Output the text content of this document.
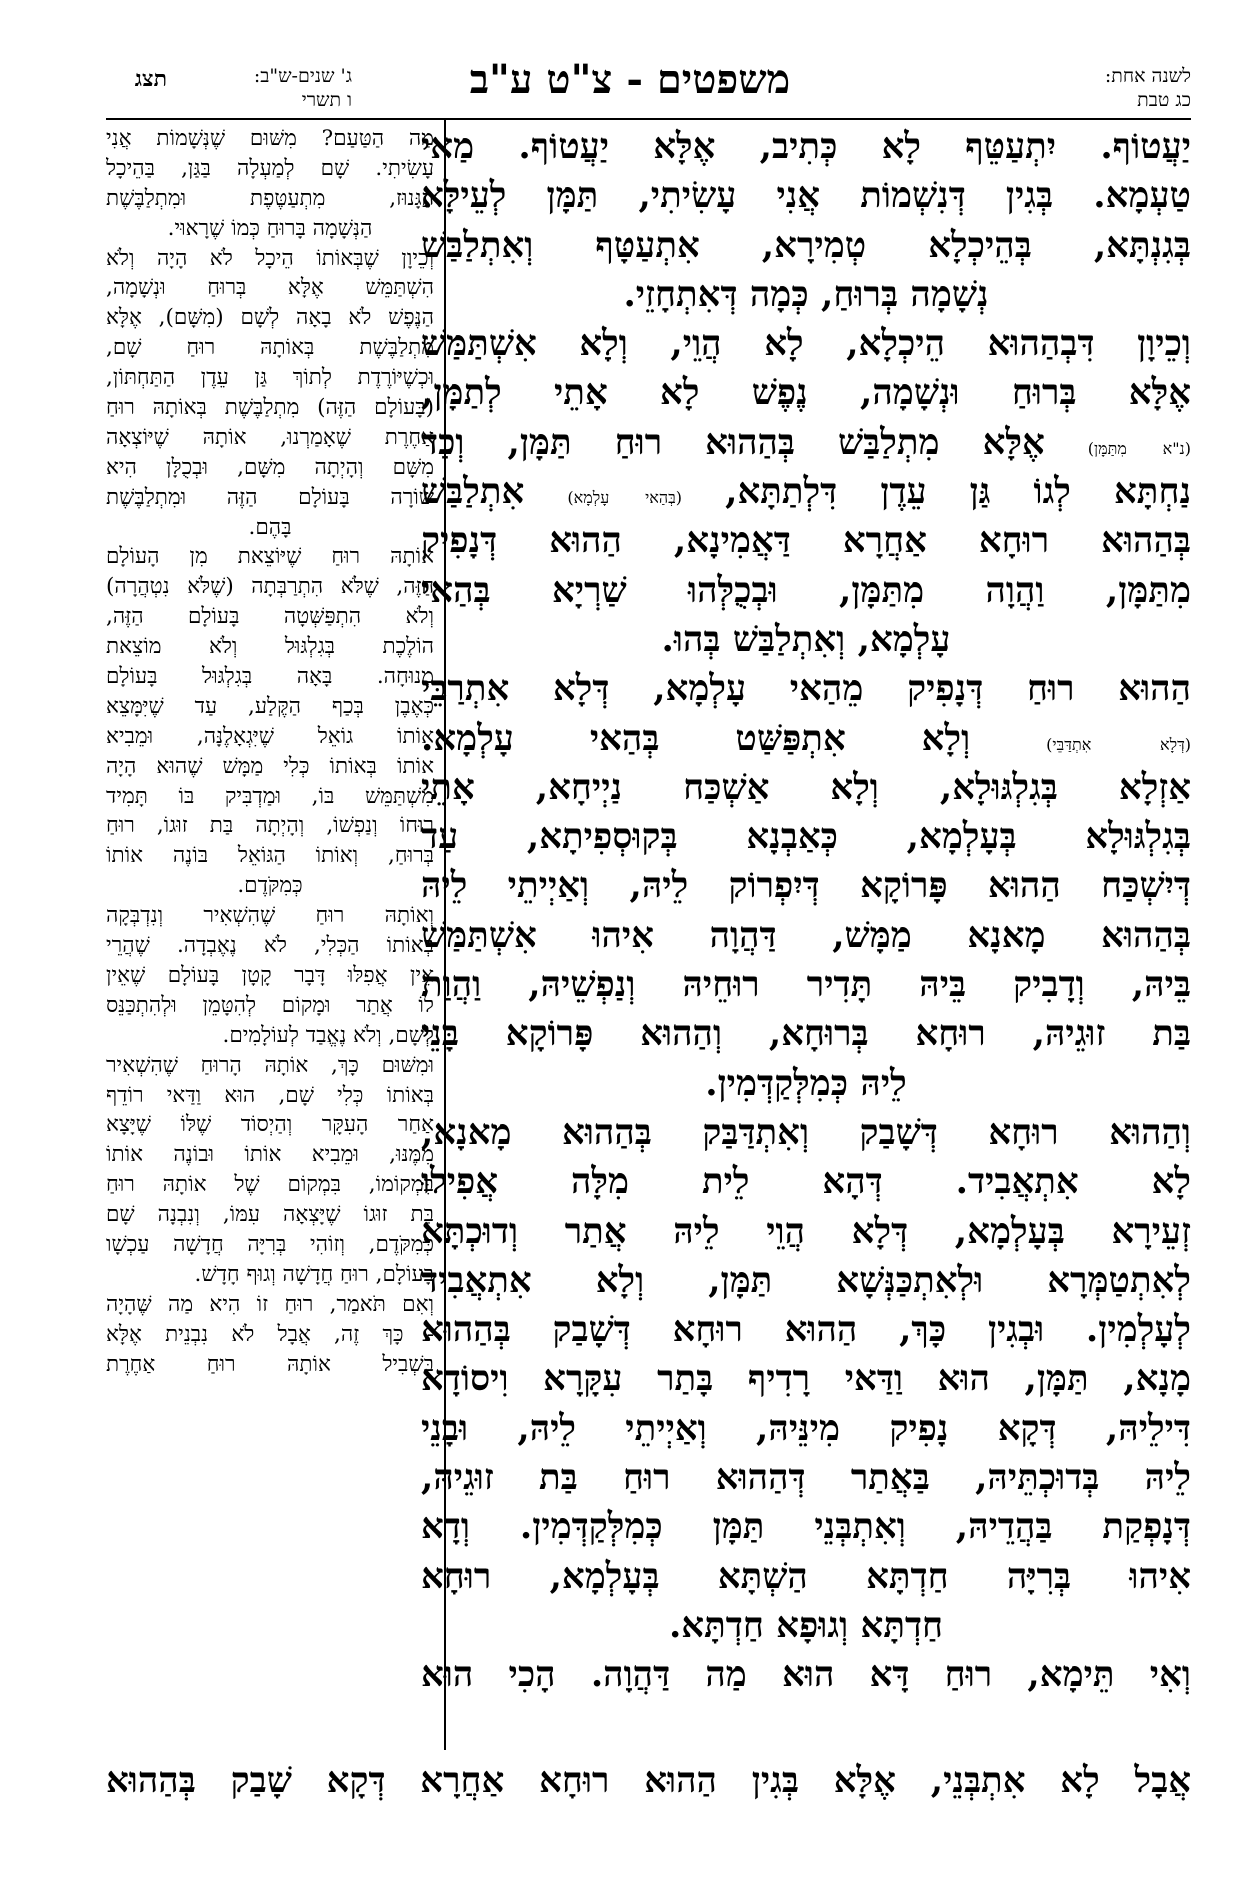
לשנה אחת:
כג טבת
משפטים - צ"ט ע"ב
ג' שנים-ש"ב:
ו תשרי
תצג
יַעֲטוֹף. יִתְעַטֵּף לָא כְּתִיב, אֶלָּא יַעֲטוֹף. מַאי
טַעְמָא. בְּגִין דְּנִשְׁמוֹת אֲנִי עָשִׂיתִי, תַּמָּן לְעֵילָּא
בְּגִנְתָּא, בְּהֵיכְלָא טְמִירָא, אִתְעַטָּף וְאִתְלַבַּשׁ
נְשָׁמָה בְּרוּחַ, כְּמָה דְּאִתְחָזֵי.
וְכֵיוָן דִּבְהַהוּא הֵיכְלָא, לָא הֲוֵי, וְלָא אִשְׁתַּמַּשׁ
אֶלָּא בְּרוּחַ וּנְשָׁמָה, נֶפֶשׁ לָא אָתֵי לְתַמָּן,
(נ"א מִתַּמָּן) אֶלָּא מִתְלַבַּשׁ בְּהַהוּא רוּחַ תַּמָּן, וְכַד
נַחְתָּא לְגוֹ גַּן עֵדֶן דִּלְתַתָּא, (בְּהַאי עָלְמָא) אִתְלַבַּשׁ
בְּהַהוּא רוּחָא אַחֲרָא דַּאֲמִינָא, הַהוּא דְּנָפִיק
מִתַּמָּן, וַהֲוָה מִתַּמָּן, וּבְכֻלְּהוּ שַׁרְיָא בְּהַאי
עָלְמָא, וְאִתְלַבַּשׁ בְּהוּ.
הַהוּא רוּחַ דְּנָפִיק מֵהַאי עָלְמָא, דְּלָא אִתְרַבֵּי
(דְּלָא אִתְדַּבֵּי) וְלָא אִתְפַּשַּׁט בְּהַאי עָלְמָא.
אַזְלָא בְּגִלְגּוּלָא, וְלָא אַשְׁכַּח נַיְיחָא, אָתֵי
בְּגִלְגּוּלָא בְּעָלְמָא, כְּאַבְנָא בְּקוּסְפִיתָא, עַד
דְּיִשְׁכַּח הַהוּא פָּרוֹקָא דְּיִפְרוֹק לֵיהּ, וְאַיְיתֵי לֵיהּ
בְּהַהוּא מָאנָא מַמָּשׁ, דַּהֲוָה אִיהוּ אִשְׁתַּמַּשׁ
בֵּיהּ, וְדָבִיק בֵּיהּ תָּדִיר רוּחֵיהּ וְנַפְשֵׁיהּ, וַהֲוַת
בַּת זוּגֵיהּ, רוּחָא בְּרוּחָא, וְהַהוּא פָּרוֹקָא בָּנֵי
לֵיהּ כְּמִלְּקַדְּמִין.
וְהַהוּא רוּחָא דְּשָׁבַק וְאִתְדַּבַּק בְּהַהוּא מָאנָא,
לָא אִתְאֲבִיד. דְּהָא לֵית מִלָּה אֲפִילוּ
זְעֵירָא בְּעָלְמָא, דְּלָא הֲוֵי לֵיהּ אֲתַר וְדוּכְתָּא
לְאִתְטַמְּרָא וּלְאִתְכַּנְּשָׁא תַּמָּן, וְלָא אִתְאֲבִיד
לְעָלְמִין. וּבְגִין כָּךְ, הַהוּא רוּחָא דְּשָׁבַק בְּהַהוּא
מָנָא, תַּמָּן, הוּא וַדַּאי רָדִיף בָּתַר עִקָּרָא וִיסוֹדָא
דִּילֵיהּ, דְּקָא נָפִיק מִינֵּיהּ, וְאַיְיתֵי לֵיהּ, וּבָנֵי
לֵיהּ בְּדוּכְתֵּיהּ, בַּאֲתַר דְּהַהוּא רוּחַ בַּת זוּגֵיהּ,
דְּנָפְקַת בַּהֲדֵיהּ, וְאִתְבְּנֵי תַּמָּן כְּמִלְּקַדְּמִין. וְדָא
אִיהוּ בְּרִיָּה חַדְתָּא הַשְׁתָּא בְּעָלְמָא, רוּחָא
חַדְתָּא וְגוּפָא חַדְתָּא.
וְאִי תֵּימָא, רוּחַ דָּא הוּא מַה דַּהֲוָה. הָכִי הוּא
מַה הַטַּעַם? מִשּׁוּם שֶׁנְּשָׁמוֹת אֲנִי
עָשִׂיתִי. שָׁם לְמַעְלָה בַּגַּן, בַּהֵיכָל
הַגָּנוּז, מִתְעַטֶּפֶת וּמִתְלַבֶּשֶׁת
הַנְּשָׁמָה בָּרוּחַ כְּמוֹ שֶׁרָאוּי.
וְכֵיוָן שֶׁבְּאוֹתוֹ הֵיכָל לֹא הָיָה וְלֹא
הִשְׁתַּמֵּשׁ אֶלָּא בְּרוּחַ וּנְשָׁמָה,
הַנֶּפֶשׁ לֹא בָאָה לְשָׁם (מִשָּׁם), אֶלָּא
מִתְלַבֶּשֶׁת בְּאוֹתָהּ רוּחַ שָׁם,
וּכְשֶׁיּוֹרֶדֶת לְתוֹךְ גַּן עֵדֶן הַתַּחְתּוֹן,
(בָּעוֹלָם הַזֶּה) מִתְלַבֶּשֶׁת בְּאוֹתָהּ רוּחַ
אַחֶרֶת שֶׁאָמַרְנוּ, אוֹתָהּ שֶׁיּוֹצְאָה
מִשָּׁם וְהָיְתָה מִשָּׁם, וּבְכֻלָּן הִיא
שׁוֹרָה בָּעוֹלָם הַזֶּה וּמִתְלַבֶּשֶׁת
בָּהֶם.
אוֹתָהּ רוּחַ שֶׁיּוֹצֵאת מִן הָעוֹלָם
הַזֶּה, שֶׁלֹּא הִתְרַבְּתָה (שֶׁלֹּא נִטְהֲרָה)
וְלֹא הִתְפַּשְּׁטָה בָּעוֹלָם הַזֶּה,
הוֹלֶכֶת בְּגִלְגּוּל וְלֹא מוֹצֵאת
מְנוּחָה. בָּאָה בְּגִלְגּוּל בָּעוֹלָם
כְּאֶבֶן בְּכַף הַקֶּלַע, עַד שֶׁיִּמָּצֵא
אוֹתוֹ גוֹאֵל שֶׁיִּגְאָלֶנָּה, וּמֵבִיא
אוֹתוֹ בְּאוֹתוֹ כְּלִי מַמָּשׁ שֶׁהוּא הָיָה
מִשְׁתַּמֵּשׁ בּוֹ, וּמַדְבִּיק בּוֹ תָּמִיד
רוּחוֹ וְנַפְשׁוֹ, וְהָיְתָה בַּת זוּגוֹ, רוּחַ
בְּרוּחַ, וְאוֹתוֹ הַגּוֹאֵל בּוֹנֶה אוֹתוֹ
כְּמִקֹּדֶם.
וְאוֹתָהּ רוּחַ שֶׁהִשְׁאִיר וְנִדְבְּקָה
בְּאוֹתוֹ הַכְּלִי, לֹא נֶאֶבְדָה. שֶׁהֲרֵי
אֵין אֲפִלּוּ דָּבָר קָטָן בָּעוֹלָם שֶׁאֵין
לוֹ אֲתַר וּמָקוֹם לְהִטָּמֵן וּלְהִתְכַּנֵּס
לְשָׁם, וְלֹא נֶאֱבַד לְעוֹלָמִים.
וּמִשּׁוּם כָּךְ, אוֹתָהּ הָרוּחַ שֶׁהִשְׁאִיר
בְּאוֹתוֹ כְּלִי שָׁם, הוּא וַדַּאי רוֹדֵף
אַחַר הָעִקָּר וְהַיְסוֹד שֶׁלּוֹ שֶׁיָּצָא
מִמֶּנּוּ, וּמֵבִיא אוֹתוֹ וּבוֹנֶה אוֹתוֹ
בִּמְקוֹמוֹ, בִּמְקוֹם שֶׁל אוֹתָהּ רוּחַ
בַּת זוּגוֹ שֶׁיָּצְאָה עִמּוֹ, וְנִבְנָה שָׁם
כְּמִקֹּדֶם, וְזוֹהִי בְּרִיָּה חֲדָשָׁה עַכְשָׁו
בָּעוֹלָם, רוּחַ חֲדָשָׁה וְגוּף חָדָשׁ.
וְאִם תֹּאמַר, רוּחַ זוֹ הִיא מַה שֶּׁהָיָה
- כָּךְ זֶה, אֲבָל לֹא נִבְנֵית אֶלָּא
בִּשְׁבִיל אוֹתָהּ רוּחַ אַחֶרֶת
אֲבָל לָא אִתְבְּנֵי, אֶלָּא בְּגִין הַהוּא רוּחָא אַחֲרָא דְּקָא שָׁבַק בְּהַהוּא
